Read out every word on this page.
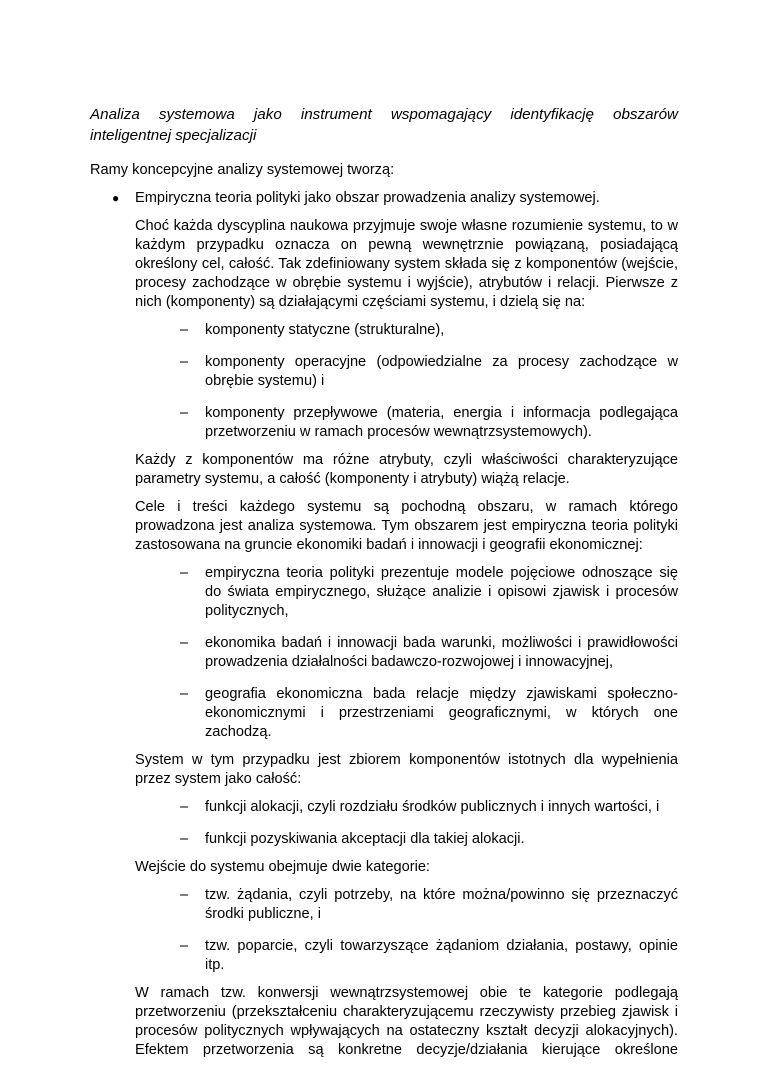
Analiza systemowa jako instrument wspomagający identyfikację obszarów
inteligentnej specjalizacji

Ramy koncepcyjne analizy systemowej tworzą:

● Empiryczna teoria polityki jako obszar prowadzenia analizy systemowej.

Choć każda dyscyplina naukowa przyjmuje swoje własne rozumienie systemu, to w każdym przypadku oznacza on pewną wewnętrznie powiązaną, posiadającą określony cel, całość. Tak zdefiniowany system składa się z komponentów (wejście, procesy zachodzące w obrębie systemu i wyjście), atrybutów i relacji. Pierwsze z nich (komponenty) są działającymi częściami systemu, i dzielą się na:

– komponenty statyczne (strukturalne),
– komponenty operacyjne (odpowiedzialne za procesy zachodzące w obrębie systemu) i
– komponenty przepływowe (materia, energia i informacja podlegająca przetworzeniu w ramach procesów wewnątrzsystemowych).

Każdy z komponentów ma różne atrybuty, czyli właściwości charakteryzujące parametry systemu, a całość (komponenty i atrybuty) wiążą relacje.

Cele i treści każdego systemu są pochodną obszaru, w ramach którego prowadzona jest analiza systemowa. Tym obszarem jest empiryczna teoria polityki zastosowana na gruncie ekonomiki badań i innowacji i geografii ekonomicznej:

– empiryczna teoria polityki prezentuje modele pojęciowe odnoszące się do świata empirycznego, służące analizie i opisowi zjawisk i procesów politycznych,
– ekonomika badań i innowacji bada warunki, możliwości i prawidłowości prowadzenia działalności badawczo-rozwojowej i innowacyjnej,
– geografia ekonomiczna bada relacje między zjawiskami społeczno-ekonomicznymi i przestrzeniami geograficznymi, w których one zachodzą.

System w tym przypadku jest zbiorem komponentów istotnych dla wypełnienia przez system jako całość:

– funkcji alokacji, czyli rozdziału środków publicznych i innych wartości, i
– funkcji pozyskiwania akceptacji dla takiej alokacji.

Wejście do systemu obejmuje dwie kategorie:

– tzw. żądania, czyli potrzeby, na które można/powinno się przeznaczyć środki publiczne, i
– tzw. poparcie, czyli towarzyszące żądaniom działania, postawy, opinie itp.

W ramach tzw. konwersji wewnątrzsystemowej obie te kategorie podlegają przetworzeniu (przekształceniu charakteryzującemu rzeczywisty przebieg zjawisk i procesów politycznych wpływających na ostateczny kształt decyzji alokacyjnych). Efektem przetworzenia są konkretne decyzje/działania kierujące określone
